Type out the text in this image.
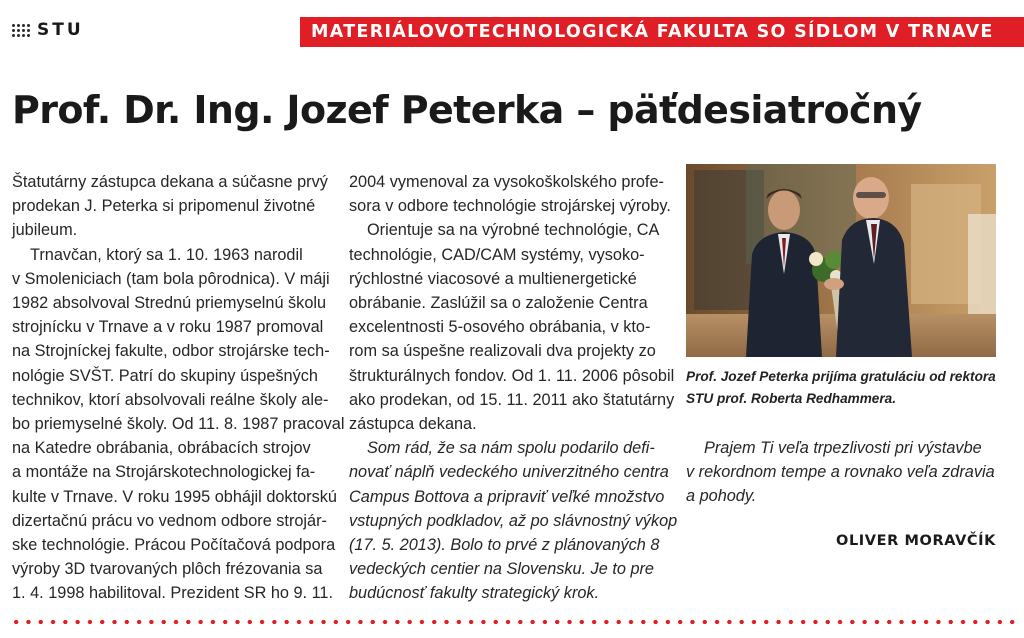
STU	MATERIÁLOVOTECHNOLOGICKÁ FAKULTA SO SÍDLOM V TRNAVE
Prof. Dr. Ing. Jozef Peterka – päťdesiatročný

Štatutárny zástupca dekana a súčasne prvý
prodekan J. Peterka si pripomenul životné
jubileum.

Trnavčan, ktorý sa 1. 10. 1963 narodil
v Smoleniciach (tam bola pôrodnica). V máji
1982 absolvoval Strednú priemyselnú školu
strojnícku v Trnave a v roku 1987 promoval
na Strojníckej fakulte, odbor strojárske tech-
nológie SVŠT. Patrí do skupiny úspešných
technikov, ktorí absolvovali reálne školy ale-
bo priemyselné školy. Od 11. 8. 1987 pracoval
na Katedre obrábania, obrábacích strojov
a montáže na Strojárskotechnologickej fa-
kulte v Trnave. V roku 1995 obhájil doktorskú
dizertačnú prácu vo vednom odbore strojár-
ske technológie. Prácou Počítačová podpora
výroby 3D tvarovaných plôch frézovania sa
1. 4. 1998 habilitoval. Prezident SR ho 9. 11.

2004 vymenoval za vysokoškolského profe-
sora v odbore technológie strojárskej výroby.

Orientuje sa na výrobné technológie, CA
technológie, CAD/CAM systémy, vysoko-
rýchlostné viacosové a multienergetické
obrábanie. Zaslúžil sa o založenie Centra
excelentnosti 5-osového obrábania, v kto-
rom sa úspešne realizovali dva projekty zo
štrukturálnych fondov. Od 1. 11. 2006 pôsobil
ako prodekan, od 15. 11. 2011 ako štatutárny
zástupca dekana.

Som rád, že sa nám spolu podarilo defi-
novať náplň vedeckého univerzitného centra
Campus Bottova a pripraviť veľké množstvo
vstupných podkladov, až po slávnostný výkop
(17. 5. 2013). Bolo to prvé z plánovaných 8
vedeckých centier na Slovensku. Je to pre
budúcnosť fakulty strategický krok.

Prof. Jozef Peterka prijíma gratuláciu od rektora
STU prof. Roberta Redhammera.

Prajem Ti veľa trpezlivosti pri výstavbe
v rekordnom tempe a rovnako veľa zdravia
a pohody.

OLIVER MORAVČÍK
